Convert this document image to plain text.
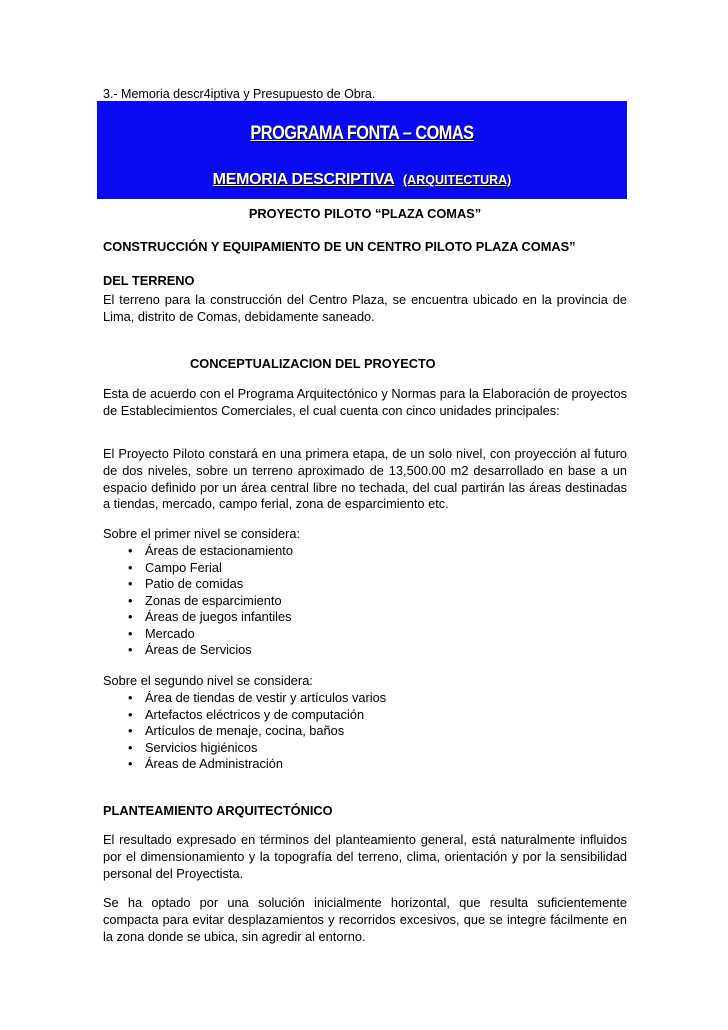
3.- Memoria descr4iptiva y Presupuesto de Obra.
PROGRAMA FONTA – COMAS
MEMORIA DESCRIPTIVA (ARQUITECTURA)
PROYECTO PILOTO “PLAZA COMAS”
CONSTRUCCIÓN Y EQUIPAMIENTO DE UN CENTRO PILOTO PLAZA COMAS”
DEL TERRENO
El terreno para la construcción del Centro Plaza, se encuentra ubicado en la provincia de Lima, distrito de Comas, debidamente saneado.
CONCEPTUALIZACION DEL PROYECTO
Esta de acuerdo con el Programa Arquitectónico y Normas para la Elaboración de proyectos de Establecimientos Comerciales, el cual cuenta con cinco unidades principales:
El Proyecto Piloto constará en una primera etapa, de un solo nivel, con proyección al futuro de dos niveles, sobre un terreno aproximado de 13,500.00 m2 desarrollado en base a un espacio definido por un área central libre no techada, del cual partirán las áreas destinadas a tiendas, mercado, campo ferial, zona de esparcimiento etc.
Sobre el primer nivel se considera:
• Áreas de estacionamiento
• Campo Ferial
• Patio de comidas
• Zonas de esparcimiento
• Áreas de juegos infantiles
• Mercado
• Áreas de Servicios
Sobre el segundo nivel se considera:
• Área de tiendas de vestir y artículos varios
• Artefactos eléctricos y de computación
• Artículos de menaje, cocina, baños
• Servicios higiénicos
• Áreas de Administración
PLANTEAMIENTO ARQUITECTÓNICO
El resultado expresado en términos del planteamiento general, está naturalmente influidos por el dimensionamiento y la topografía del terreno, clima, orientación y por la sensibilidad personal del Proyectista.
Se ha optado por una solución inicialmente horizontal, que resulta suficientemente compacta para evitar desplazamientos y recorridos excesivos, que se integre fácilmente en la zona donde se ubica, sin agredir al entorno.
